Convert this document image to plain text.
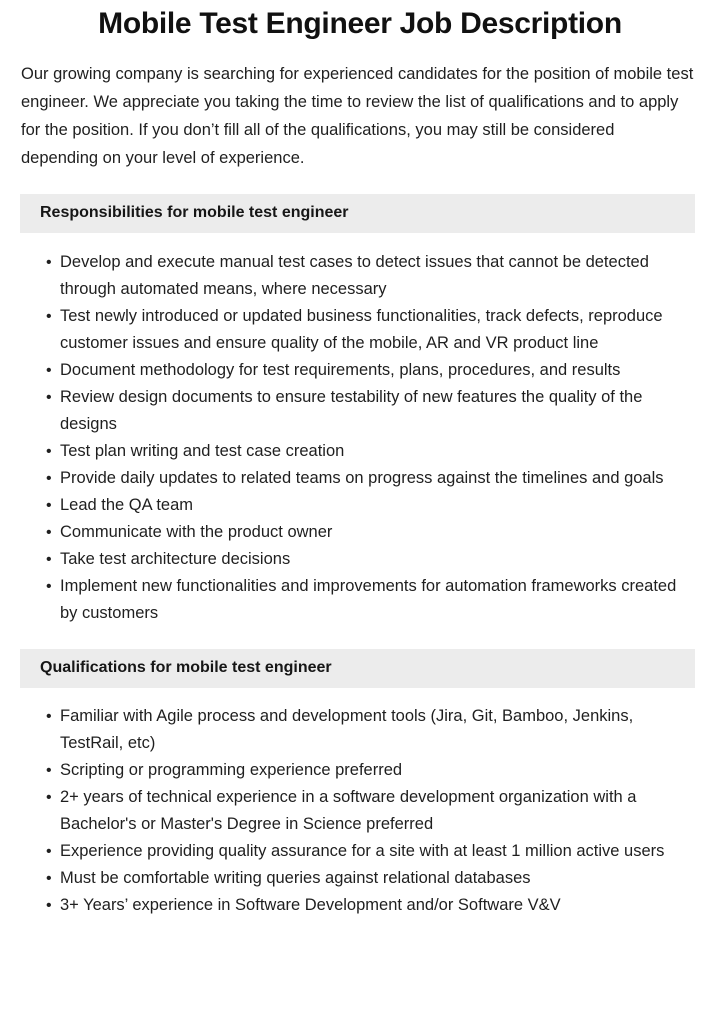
Mobile Test Engineer Job Description

Our growing company is searching for experienced candidates for the position of mobile test engineer. We appreciate you taking the time to review the list of qualifications and to apply for the position. If you don’t fill all of the qualifications, you may still be considered depending on your level of experience.

Responsibilities for mobile test engineer
• Develop and execute manual test cases to detect issues that cannot be detected through automated means, where necessary
• Test newly introduced or updated business functionalities, track defects, reproduce customer issues and ensure quality of the mobile, AR and VR product line
• Document methodology for test requirements, plans, procedures, and results
• Review design documents to ensure testability of new features the quality of the designs
• Test plan writing and test case creation
• Provide daily updates to related teams on progress against the timelines and goals
• Lead the QA team
• Communicate with the product owner
• Take test architecture decisions
• Implement new functionalities and improvements for automation frameworks created by customers
Qualifications for mobile test engineer
• Familiar with Agile process and development tools (Jira, Git, Bamboo, Jenkins, TestRail, etc)
• Scripting or programming experience preferred
• 2+ years of technical experience in a software development organization with a Bachelor's or Master's Degree in Science preferred
• Experience providing quality assurance for a site with at least 1 million active users
• Must be comfortable writing queries against relational databases
• 3+ Years’ experience in Software Development and/or Software V&V
